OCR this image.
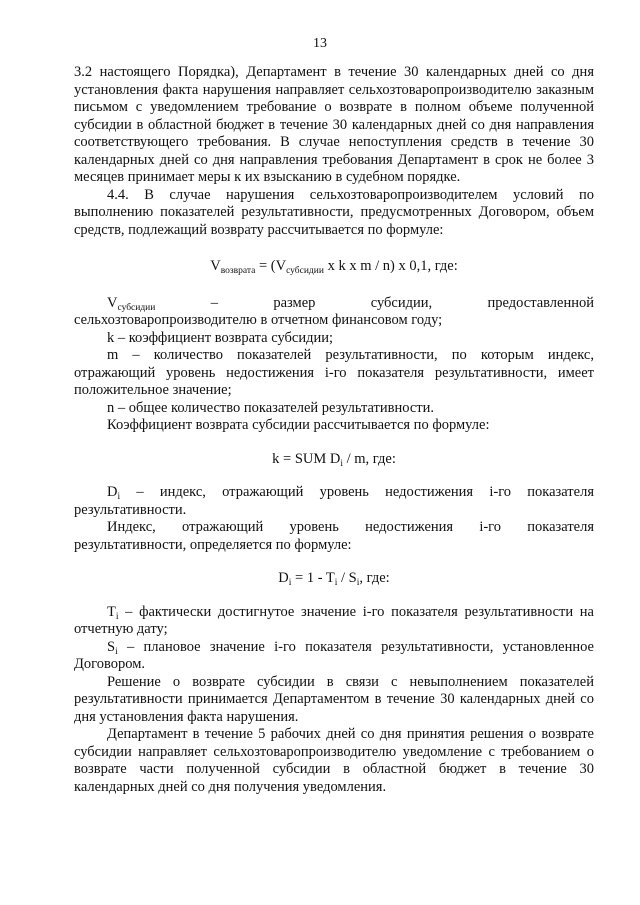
13

3.2 настоящего Порядка), Департамент в течение 30 календарных дней со дня установления факта нарушения направляет сельхозтоваропроизводителю заказным письмом с уведомлением требование о возврате в полном объеме полученной субсидии в областной бюджет в течение 30 календарных дней со дня направления соответствующего требования. В случае непоступления средств в течение 30 календарных дней со дня направления требования Департамент в срок не более 3 месяцев принимает меры к их взысканию в судебном порядке.

4.4. В случае нарушения сельхозтоваропроизводителем условий по выполнению показателей результативности, предусмотренных Договором, объем средств, подлежащий возврату рассчитывается по формуле:

$V_{возврата} = (V_{субсидии}$ x k x m / n) x 0,1, где:

$V_{субсидии}$	–	размер	субсидии,	предоставленной

сельхозтоваропроизводителю в отчетном финансовом году;

k – коэффициент возврата субсидии;

m – количество показателей результативности, по которым индекс, отражающий уровень недостижения i-го показателя результативности, имеет положительное значение;

n – общее количество показателей результативности.

Коэффициент возврата субсидии рассчитывается по формуле:

k = SUM $D_i$ / m, где:

$D_i$ – индекс, отражающий уровень недостижения i-го показателя результативности.

Индекс, отражающий уровень недостижения i-го показателя результативности, определяется по формуле:

$D_i = 1 - T_i / S_i$, где:

$T_i$ – фактически достигнутое значение i-го показателя результативности на отчетную дату;

$S_i$ – плановое значение i-го показателя результативности, установленное Договором.

Решение о возврате субсидии в связи с невыполнением показателей результативности принимается Департаментом в течение 30 календарных дней со дня установления факта нарушения.

Департамент в течение 5 рабочих дней со дня принятия решения о возврате субсидии направляет сельхозтоваропроизводителю уведомление с требованием о возврате части полученной субсидии в областной бюджет в течение 30 календарных дней со дня получения уведомления.
